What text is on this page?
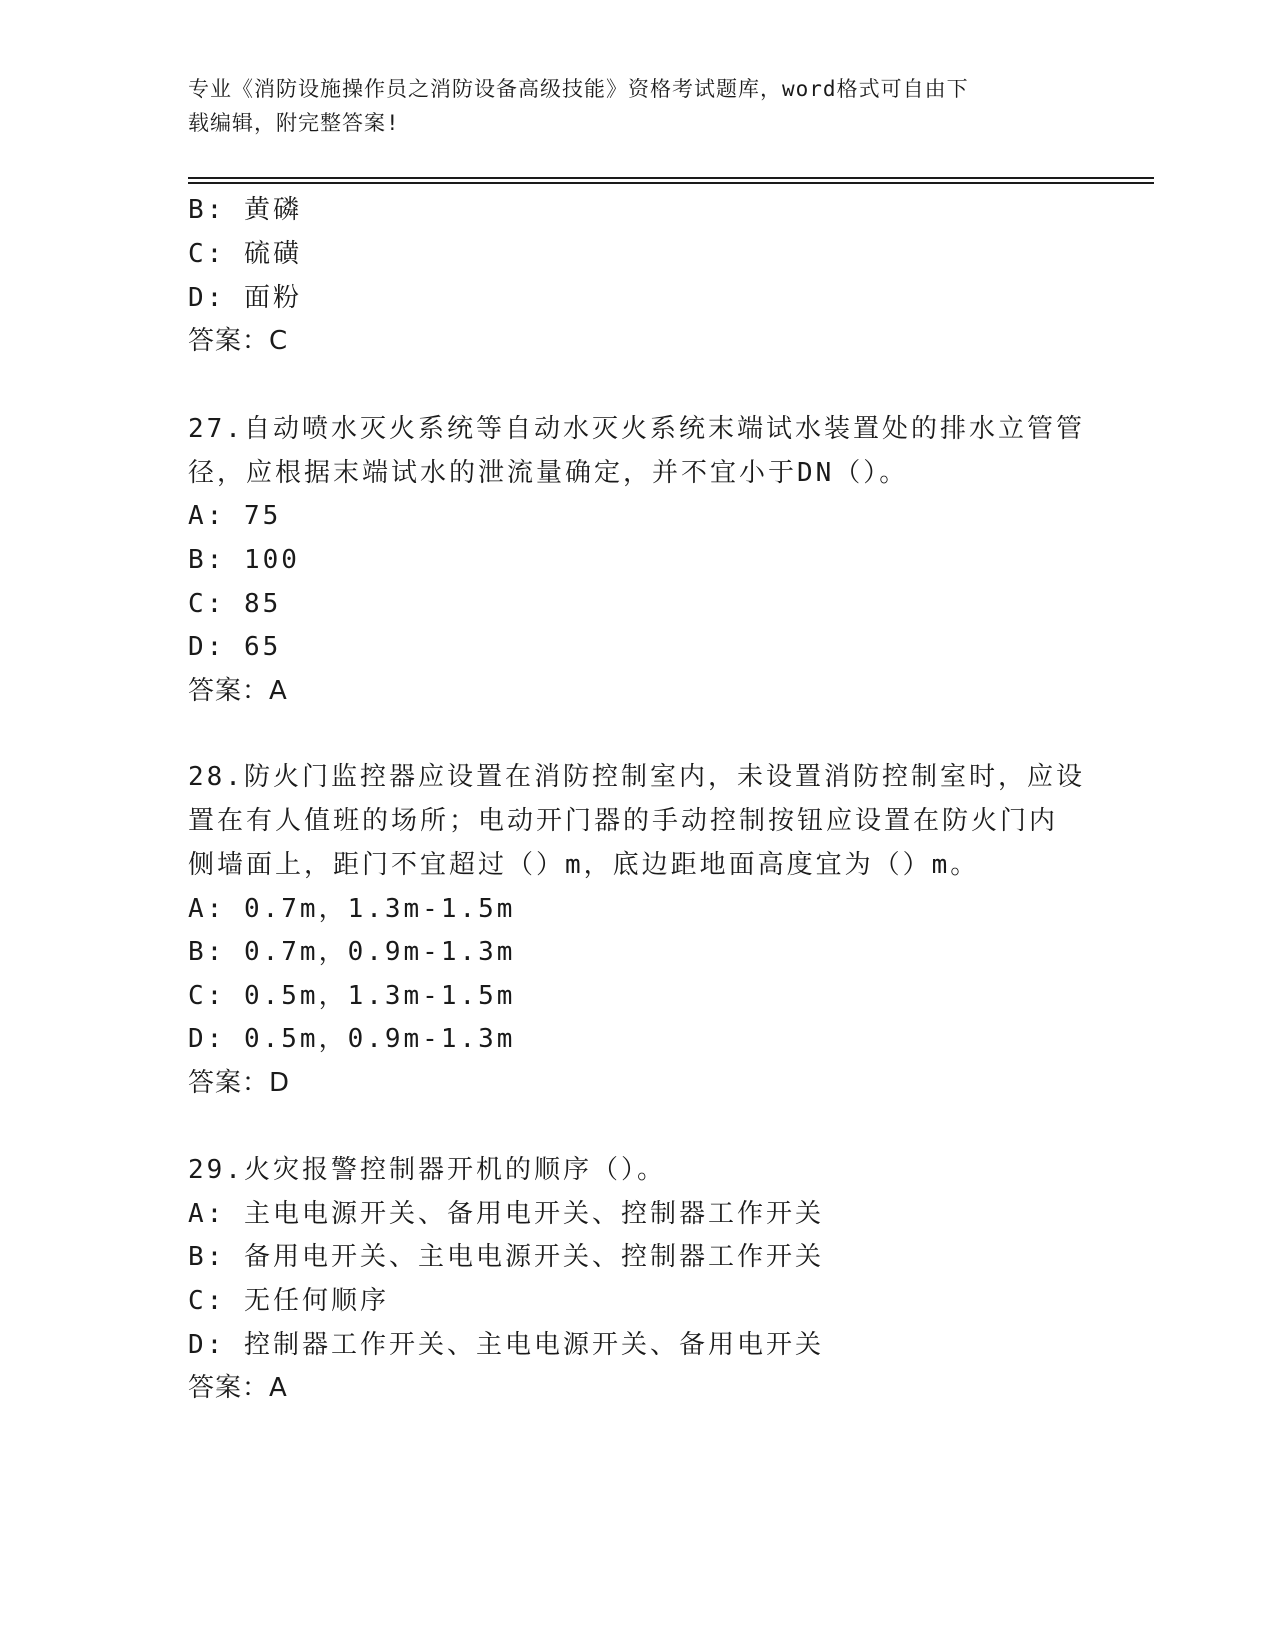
专业《消防设施操作员之消防设备高级技能》资格考试题库，word格式可自由下
载编辑，附完整答案!
B: 黄磷
C: 硫磺
D: 面粉
答案：C
27.自动喷水灭火系统等自动水灭火系统末端试水装置处的排水立管管
径，应根据末端试水的泄流量确定，并不宜小于DN（）。
A: 75
B: 100
C: 85
D: 65
答案：A
28.防火门监控器应设置在消防控制室内，未设置消防控制室时，应设
置在有人值班的场所；电动开门器的手动控制按钮应设置在防火门内
侧墙面上，距门不宜超过（）m，底边距地面高度宜为（）m。
A: 0.7m，1.3m-1.5m
B: 0.7m，0.9m-1.3m
C: 0.5m，1.3m-1.5m
D: 0.5m，0.9m-1.3m
答案：D
29.火灾报警控制器开机的顺序（）。
A: 主电电源开关、备用电开关、控制器工作开关
B: 备用电开关、主电电源开关、控制器工作开关
C: 无任何顺序
D: 控制器工作开关、主电电源开关、备用电开关
答案：A
